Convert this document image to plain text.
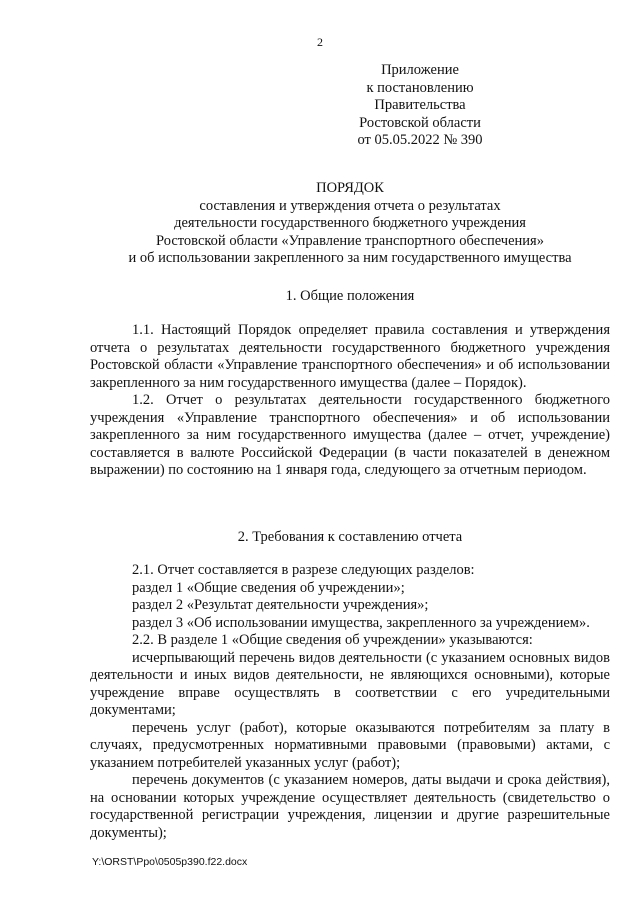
2
Приложение
к постановлению
Правительства
Ростовской области
от 05.05.2022 № 390
ПОРЯДОК
составления и утверждения отчета о результатах
деятельности государственного бюджетного учреждения
Ростовской области «Управление транспортного обеспечения»
и об использовании закрепленного за ним государственного имущества
1. Общие положения

1.1. Настоящий Порядок определяет правила составления и утверждения отчета о результатах деятельности государственного бюджетного учреждения Ростовской области «Управление транспортного обеспечения» и об использовании закрепленного за ним государственного имущества (далее – Порядок).

1.2. Отчет о результатах деятельности государственного бюджетного учреждения «Управление транспортного обеспечения» и об использовании закрепленного за ним государственного имущества (далее – отчет, учреждение) составляется в валюте Российской Федерации (в части показателей в денежном выражении) по состоянию на 1 января года, следующего за отчетным периодом.

2. Требования к составлению отчета

2.1. Отчет составляется в разрезе следующих разделов:

раздел 1 «Общие сведения об учреждении»;

раздел 2 «Результат деятельности учреждения»;

раздел 3 «Об использовании имущества, закрепленного за учреждением».

2.2. В разделе 1 «Общие сведения об учреждении» указываются:

исчерпывающий перечень видов деятельности (с указанием основных видов деятельности и иных видов деятельности, не являющихся основными), которые учреждение вправе осуществлять в соответствии с его учредительными документами;

перечень услуг (работ), которые оказываются потребителям за плату в случаях, предусмотренных нормативными правовыми (правовыми) актами, с указанием потребителей указанных услуг (работ);

перечень документов (с указанием номеров, даты выдачи и срока действия), на основании которых учреждение осуществляет деятельность (свидетельство о государственной регистрации учреждения, лицензии и другие разрешительные документы);

Y:\ORST\Ppo\0505p390.f22.docx
